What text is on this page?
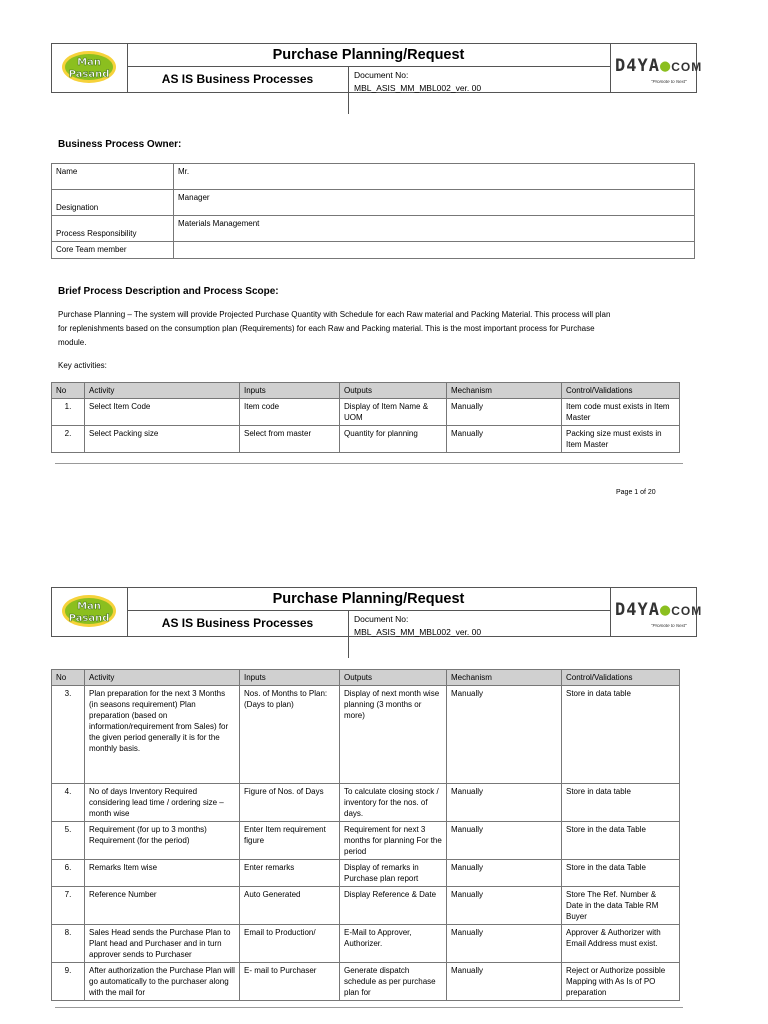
Man
Pasand
Purchase Planning/Request
AS IS Business Processes	Document No:
MBL_ASIS_MM_MBL002_ver. 00
D4YA●COM
"Promote to Next"
Business Process Owner:
Name	Mr.
Designation	Manager
Process Responsibility	Materials Management
Core Team member	
Brief Process Description and Process Scope:
Purchase Planning – The system will provide Projected Purchase Quantity with Schedule for each Raw material and Packing Material. This process will plan
for replenishments based on the consumption plan (Requirements) for each Raw and Packing material. This is the most important process for Purchase
module.
Key activities:
No	Activity	Inputs	Outputs	Mechanism	Control/Validations
1.	Select Item Code	Item code	Display of Item Name & UOM	Manually	Item code must exists in Item Master
2.	Select Packing size	Select from master	Quantity for planning	Manually	Packing size must exists in Item Master
Page 1 of 20
Man
Pasand
Purchase Planning/Request
AS IS Business Processes	Document No:
MBL_ASIS_MM_MBL002_ver. 00
D4YA●COM
"Promote to Next"
No	Activity	Inputs	Outputs	Mechanism	Control/Validations
3.	Plan preparation for the next 3 Months (in seasons requirement) Plan preparation (based on information/requirement from Sales) for the given period generally it is for the monthly basis.	Nos. of Months to Plan: (Days to plan)	Display of next month wise planning (3 months or more)	Manually	Store in data table
4.	No of days Inventory Required considering lead time / ordering size – month wise	Figure of Nos. of Days	To calculate closing stock / inventory for the nos. of days.	Manually	Store in data table
5.	Requirement (for up to 3 months) Requirement (for the period)	Enter Item requirement figure	Requirement for next 3 months for planning For the period	Manually	Store in the data Table
6.	Remarks Item wise	Enter remarks	Display of remarks in Purchase plan report	Manually	Store in the data Table
7.	Reference Number	Auto Generated	Display Reference & Date	Manually	Store The Ref. Number & Date in the data Table RM Buyer
8.	Sales Head sends the Purchase Plan to Plant head and Purchaser and in turn approver sends to Purchaser	Email to Production/	E-Mail to Approver, Authorizer.	Manually	Approver & Authorizer with Email Address must exist.
9.	After authorization the Purchase Plan will go automatically to the purchaser along with the mail for	E- mail to Purchaser	Generate dispatch schedule as per purchase plan for	Manually	Reject or Authorize possible Mapping with As Is of PO preparation
